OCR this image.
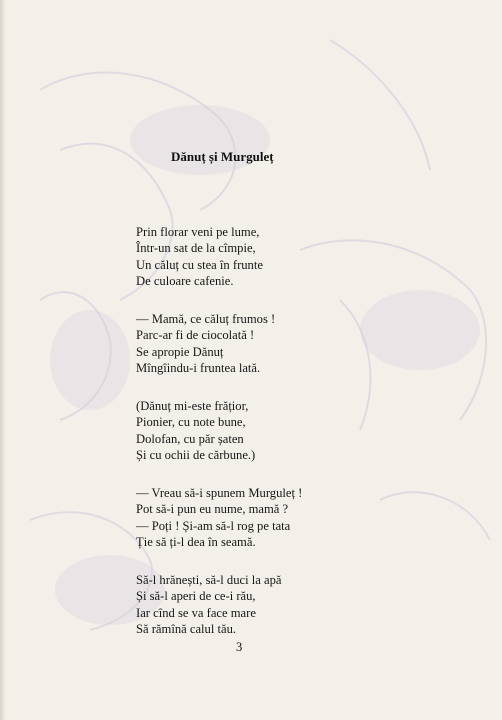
Dănuț și Murguleț
Prin florar veni pe lume,
Într-un sat de la cîmpie,
Un căluț cu stea în frunte
De culoare cafenie.
— Mamă, ce căluț frumos !
Parc-ar fi de ciocolată !
Se apropie Dănuț
Mîngîindu-i fruntea lată.
(Dănuț mi-este frățior,
Pionier, cu note bune,
Dolofan, cu păr șaten
Și cu ochii de cărbune.)
— Vreau să-i spunem Murguleț !
Pot să-i pun eu nume, mamă ?
— Poți ! Și-am să-l rog pe tata
Ție să ți-l dea în seamă.
Să-l hrănești, să-l duci la apă
Și să-l aperi de ce-i rău,
Iar cînd se va face mare
Să rămînă calul tău.
3
